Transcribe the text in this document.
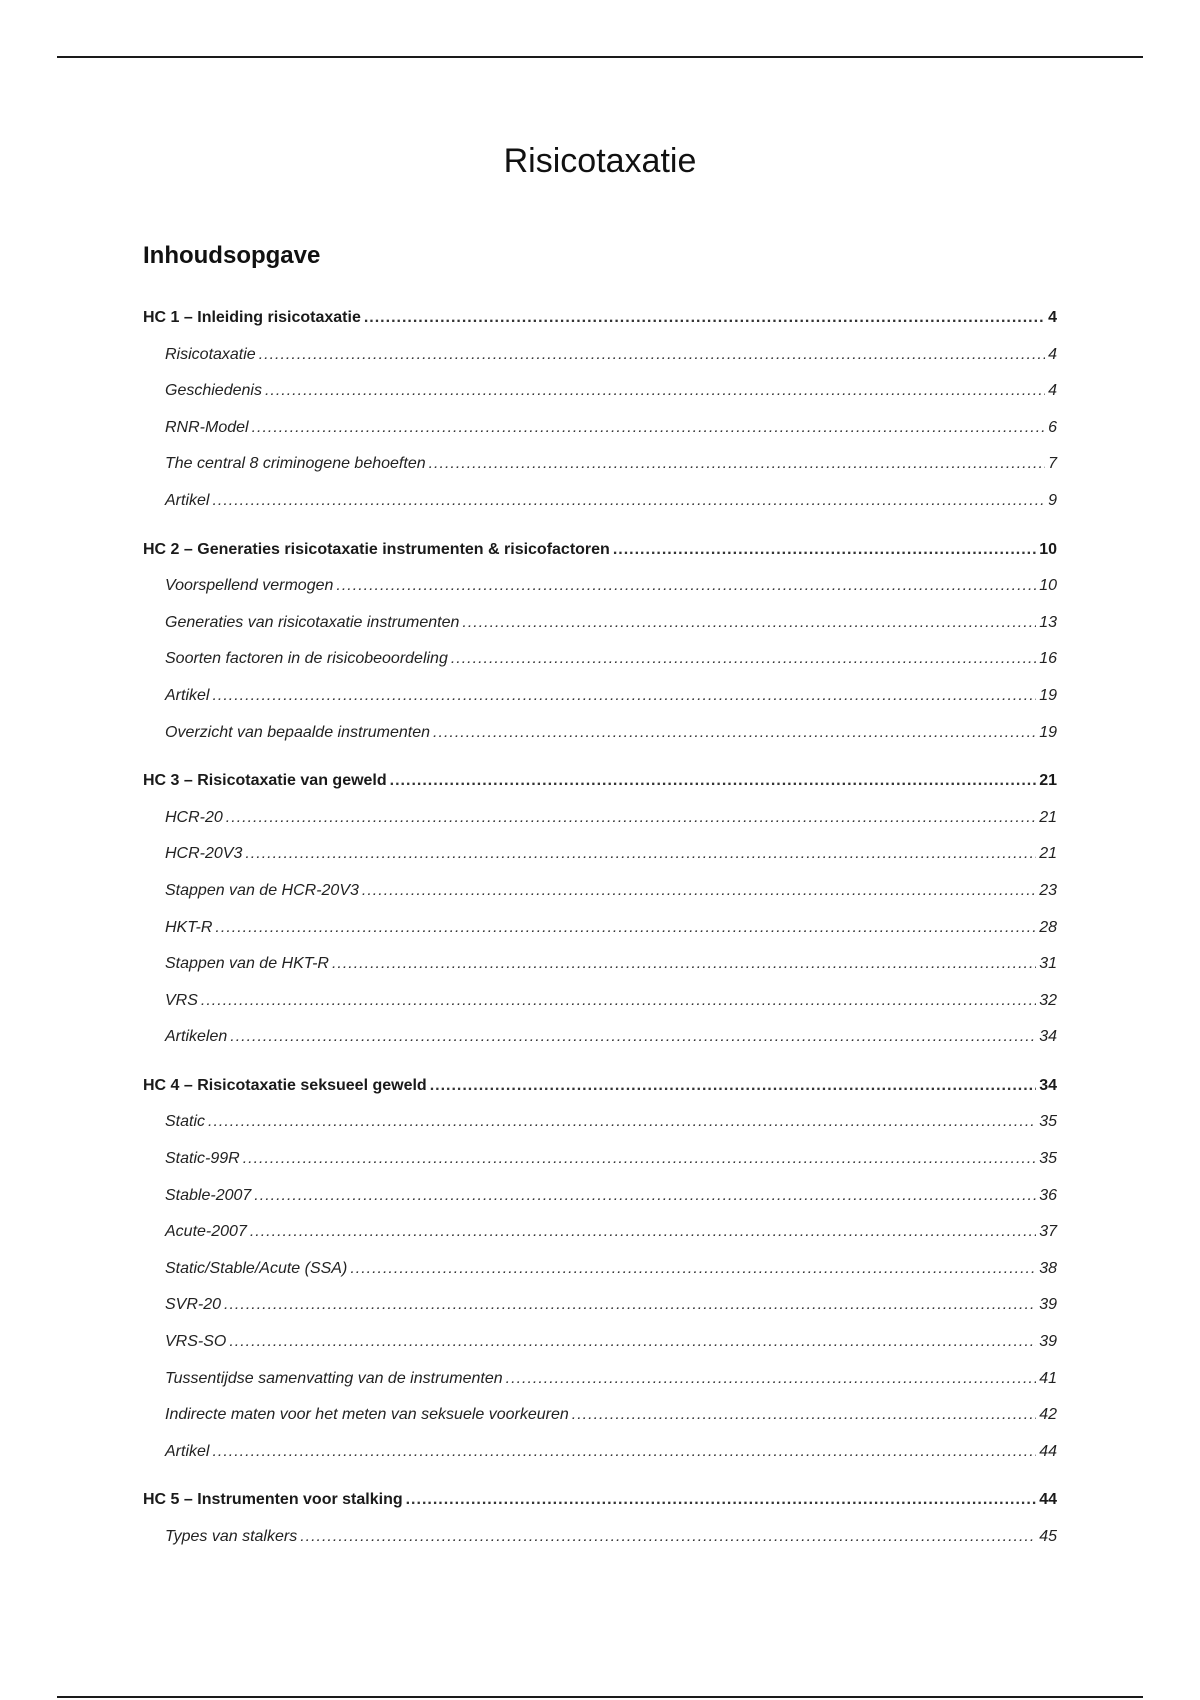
Risicotaxatie
Inhoudsopgave
HC 1 – Inleiding risicotaxatie .....	4
Risicotaxatie .....	4
Geschiedenis .....	4
RNR-Model .....	6
The central 8 criminogene behoeften .....	7
Artikel .....	9
HC 2 – Generaties risicotaxatie instrumenten & risicofactoren .....	10
Voorspellend vermogen .....	10
Generaties van risicotaxatie instrumenten .....	13
Soorten factoren in de risicobeoordeling .....	16
Artikel .....	19
Overzicht van bepaalde instrumenten .....	19
HC 3 – Risicotaxatie van geweld .....	21
HCR-20 .....	21
HCR-20V3 .....	21
Stappen van de HCR-20V3 .....	23
HKT-R .....	28
Stappen van de HKT-R .....	31
VRS .....	32
Artikelen .....	34
HC 4 – Risicotaxatie seksueel geweld .....	34
Static .....	35
Static-99R .....	35
Stable-2007 .....	36
Acute-2007 .....	37
Static/Stable/Acute (SSA) .....	38
SVR-20 .....	39
VRS-SO .....	39
Tussentijdse samenvatting van de instrumenten .....	41
Indirecte maten voor het meten van seksuele voorkeuren .....	42
Artikel .....	44
HC 5 – Instrumenten voor stalking .....	44
Types van stalkers .....	45
